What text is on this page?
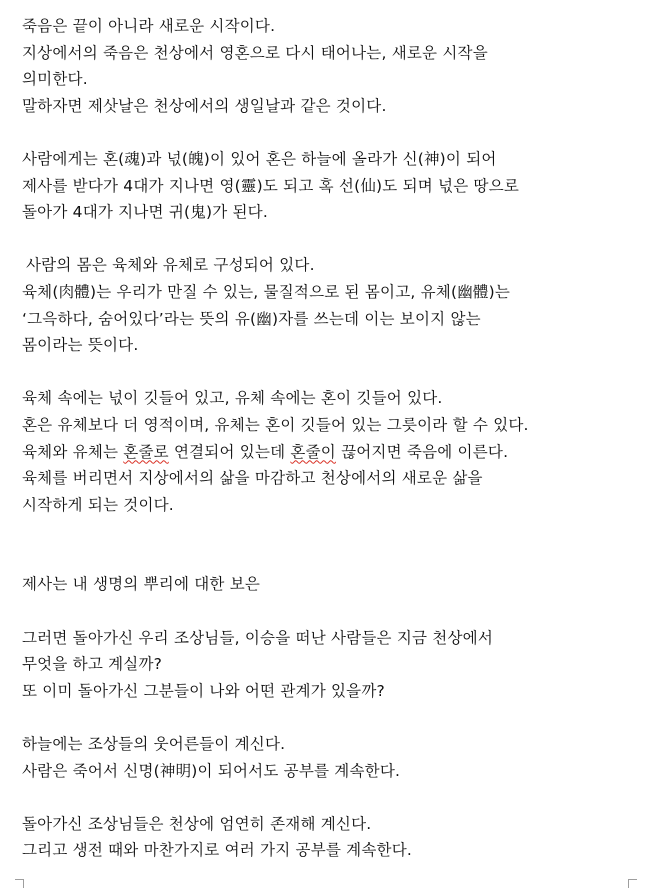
죽음은 끝이 아니라 새로운 시작이다.
지상에서의 죽음은 천상에서 영혼으로 다시 태어나는, 새로운 시작을
의미한다.
말하자면 제삿날은 천상에서의 생일날과 같은 것이다.
사람에게는 혼(魂)과 넋(魄)이 있어 혼은 하늘에 올라가 신(神)이 되어
제사를 받다가 4대가 지나면 영(靈)도 되고 혹 선(仙)도 되며 넋은 땅으로
돌아가 4대가 지나면 귀(鬼)가 된다.
사람의 몸은 육체와 유체로 구성되어 있다.
육체(肉體)는 우리가 만질 수 있는, 물질적으로 된 몸이고, 유체(幽體)는
‘그윽하다, 숨어있다’라는 뜻의 유(幽)자를 쓰는데 이는 보이지 않는
몸이라는 뜻이다.
육체 속에는 넋이 깃들어 있고, 유체 속에는 혼이 깃들어 있다.
혼은 유체보다 더 영적이며, 유체는 혼이 깃들어 있는 그릇이라 할 수 있다.
육체와 유체는 혼줄로 연결되어 있는데 혼줄이 끊어지면 죽음에 이른다.
육체를 버리면서 지상에서의 삶을 마감하고 천상에서의 새로운 삶을
시작하게 되는 것이다.
제사는 내 생명의 뿌리에 대한 보은
그러면 돌아가신 우리 조상님들, 이승을 떠난 사람들은 지금 천상에서
무엇을 하고 계실까?
또 이미 돌아가신 그분들이 나와 어떤 관계가 있을까?
하늘에는 조상들의 웃어른들이 계신다.
사람은 죽어서 신명(神明)이 되어서도 공부를 계속한다.
돌아가신 조상님들은 천상에 엄연히 존재해 계신다.
그리고 생전 때와 마찬가지로 여러 가지 공부를 계속한다.
